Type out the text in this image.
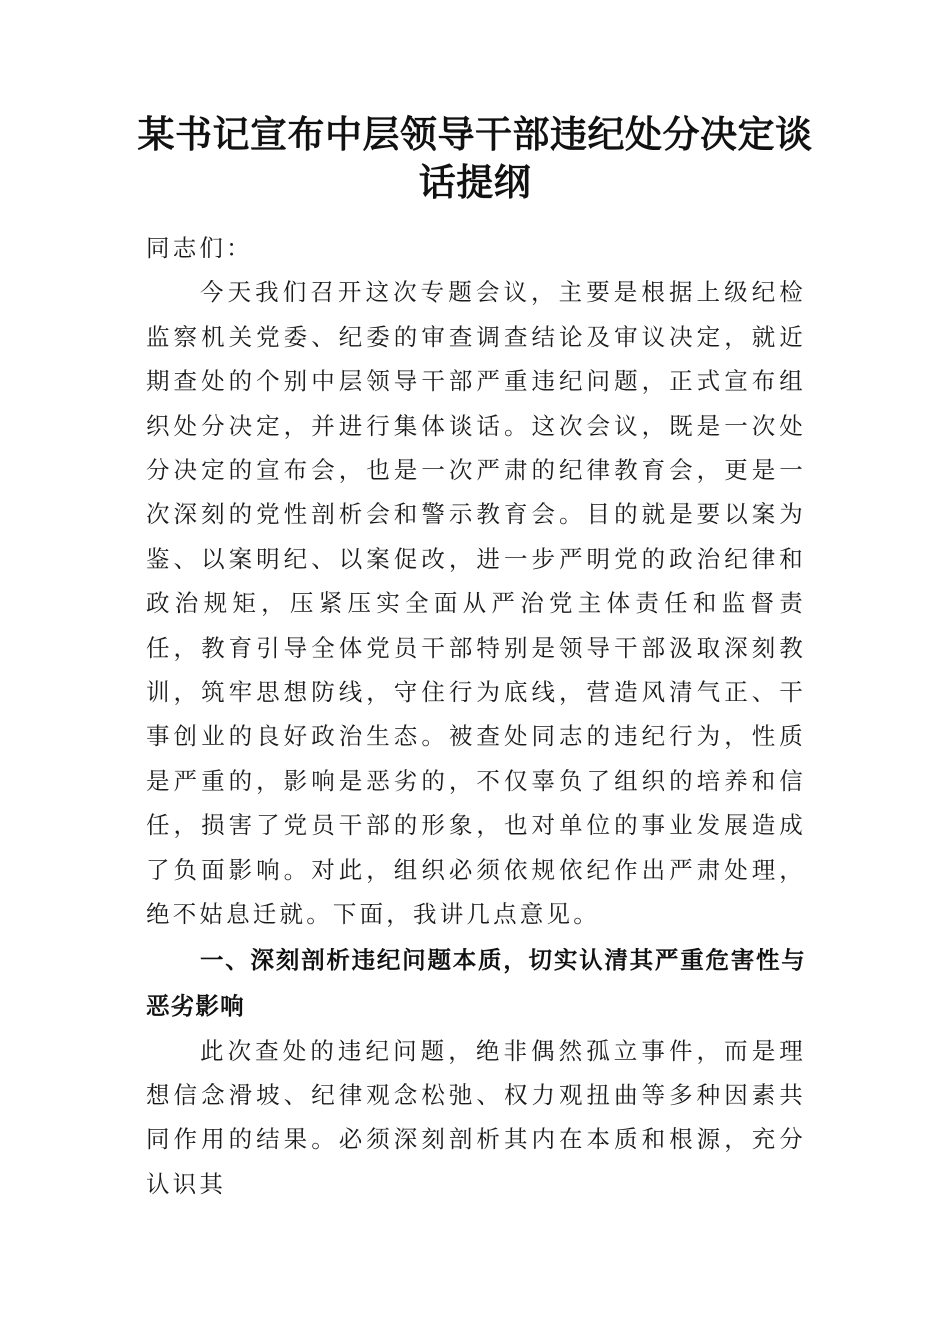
某书记宣布中层领导干部违纪处分决定谈话提纲

同志们：

今天我们召开这次专题会议，主要是根据上级纪检监察机关党委、纪委的审查调查结论及审议决定，就近期查处的个别中层领导干部严重违纪问题，正式宣布组织处分决定，并进行集体谈话。这次会议，既是一次处分决定的宣布会，也是一次严肃的纪律教育会，更是一次深刻的党性剖析会和警示教育会。目的就是要以案为鉴、以案明纪、以案促改，进一步严明党的政治纪律和政治规矩，压紧压实全面从严治党主体责任和监督责任，教育引导全体党员干部特别是领导干部汲取深刻教训，筑牢思想防线，守住行为底线，营造风清气正、干事创业的良好政治生态。被查处同志的违纪行为，性质是严重的，影响是恶劣的，不仅辜负了组织的培养和信任，损害了党员干部的形象，也对单位的事业发展造成了负面影响。对此，组织必须依规依纪作出严肃处理，绝不姑息迁就。下面，我讲几点意见。

一、深刻剖析违纪问题本质，切实认清其严重危害性与恶劣影响

此次查处的违纪问题，绝非偶然孤立事件，而是理想信念滑坡、纪律观念松弛、权力观扭曲等多种因素共同作用的结果。必须深刻剖析其内在本质和根源，充分认识其
